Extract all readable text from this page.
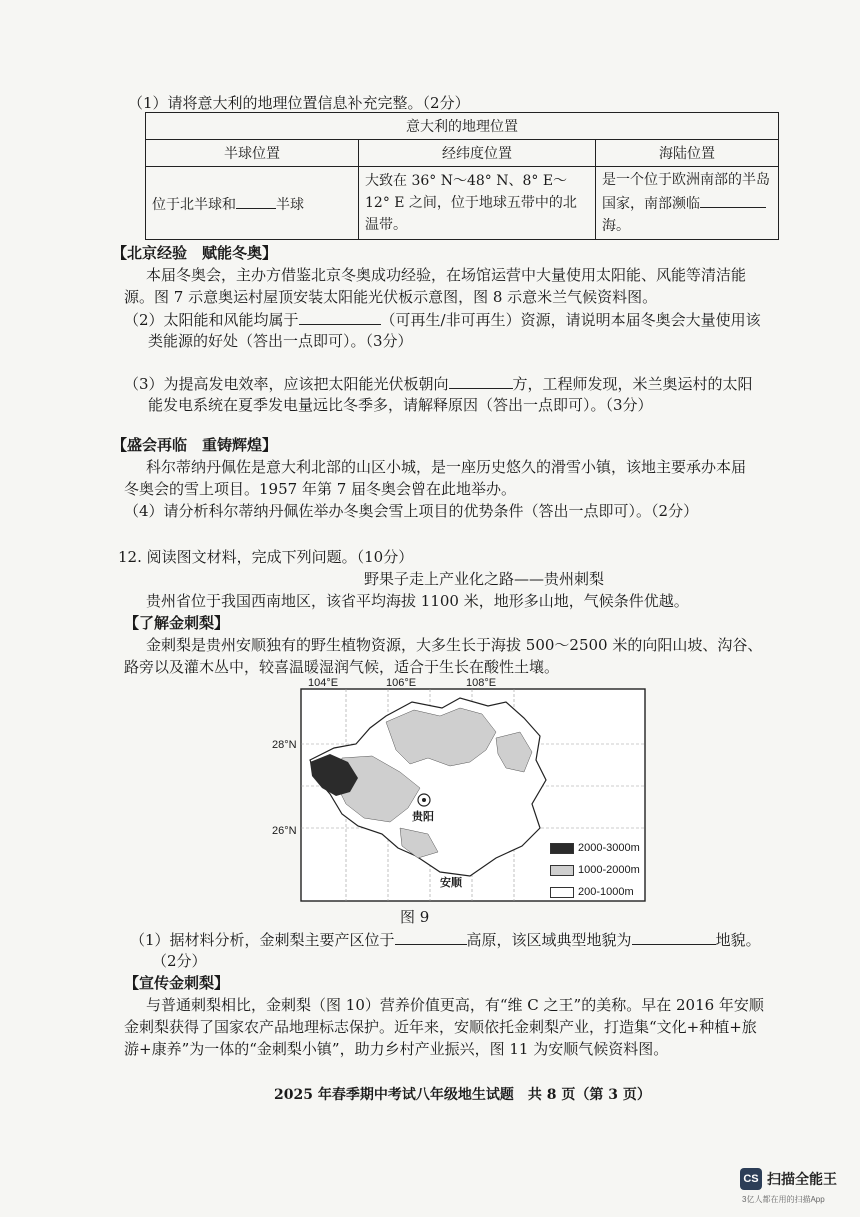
（1）请将意大利的地理位置信息补充完整。（2分）
意大利的地理位置		
半球位置	经纬度位置	海陆位置
位于北半球和 半球	大致在 36° N～48° N、8° E～12° E 之间，位于地球五带中的北温带。	是一个位于欧洲南部的半岛国家，南部濒临海。
【北京经验　赋能冬奥】
本届冬奥会，主办方借鉴北京冬奥成功经验，在场馆运营中大量使用太阳能、风能等清洁能
源。图 7 示意奥运村屋顶安装太阳能光伏板示意图，图 8 示意米兰气候资料图。
（2）太阳能和风能均属于	（可再生/非可再生）资源，请说明本届冬奥会大量使用该
类能源的好处（答出一点即可）。（3分）
（3）为提高发电效率，应该把太阳能光伏板朝向	方，工程师发现，米兰奥运村的太阳
能发电系统在夏季发电量远比冬季多，请解释原因（答出一点即可）。（3分）
【盛会再临　重铸辉煌】
科尔蒂纳丹佩佐是意大利北部的山区小城，是一座历史悠久的滑雪小镇，该地主要承办本届
冬奥会的雪上项目。1957 年第 7 届冬奥会曾在此地举办。
（4）请分析科尔蒂纳丹佩佐举办冬奥会雪上项目的优势条件（答出一点即可）。（2分）
12. 阅读图文材料，完成下列问题。（10分）
野果子走上产业化之路——贵州刺梨
贵州省位于我国西南地区，该省平均海拔 1100 米，地形多山地，气候条件优越。
【了解金刺梨】
金刺梨是贵州安顺独有的野生植物资源，大多生长于海拔 500～2500 米的向阳山坡、沟谷、
路旁以及灌木丛中，较喜温暖湿润气候，适合于生长在酸性土壤。
104°E	106°E	108°E
28°N
26°N
贵阳
安顺
2000-3000m
1000-2000m
200-1000m
图 9
（1）据材料分析，金刺梨主要产区位于	高原，该区域典型地貌为	地貌。
（2分）
【宣传金刺梨】
与普通刺梨相比，金刺梨（图 10）营养价值更高，有“维 C 之王”的美称。早在 2016 年安顺
金刺梨获得了国家农产品地理标志保护。近年来，安顺依托金刺梨产业，打造集“文化+种植+旅
游+康养”为一体的“金刺梨小镇”，助力乡村产业振兴，图 11 为安顺气候资料图。
2025 年春季期中考试八年级地生试题　共 8 页（第 3 页）
CS 扫描全能王
3亿人都在用的扫描App
